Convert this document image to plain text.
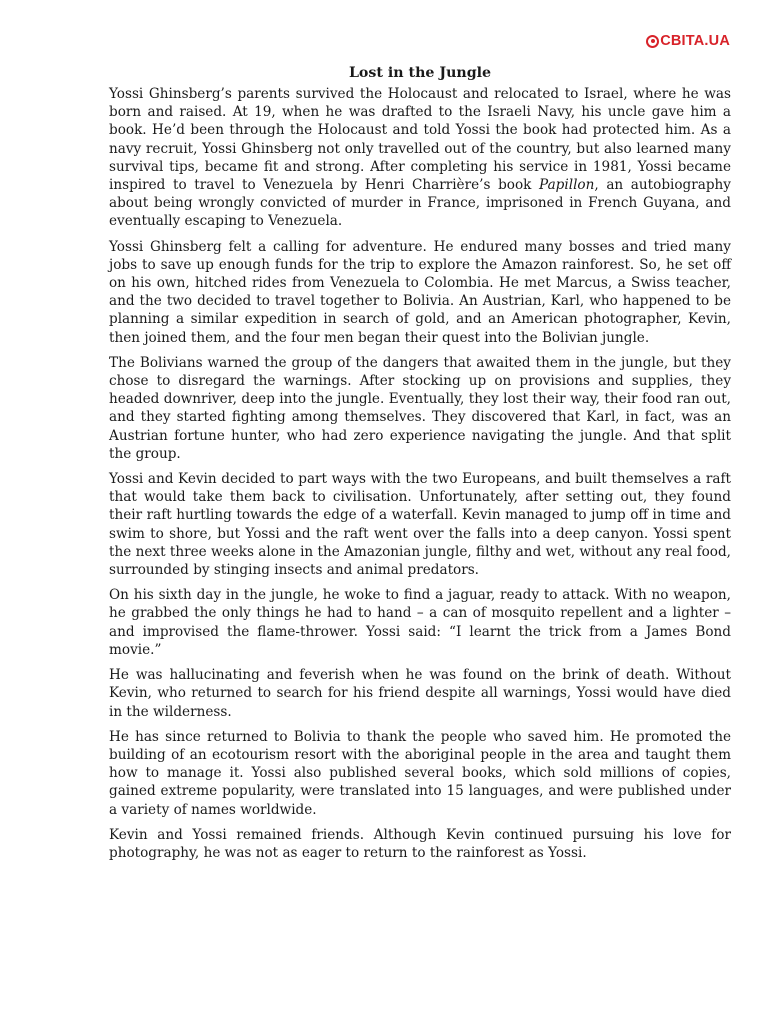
CBITA.UA
Lost in the Jungle

Yossi Ghinsberg’s parents survived the Holocaust and relocated to Israel, where he was born and raised. At 19, when he was drafted to the Israeli Navy, his uncle gave him a book. He’d been through the Holocaust and told Yossi the book had protected him. As a navy recruit, Yossi Ghinsberg not only travelled out of the country, but also learned many survival tips, became fit and strong. After completing his service in 1981, Yossi became inspired to travel to Venezuela by Henri Charrière’s book Papillon, an autobiography about being wrongly convicted of murder in France, imprisoned in French Guyana, and eventually escaping to Venezuela.

Yossi Ghinsberg felt a calling for adventure. He endured many bosses and tried many jobs to save up enough funds for the trip to explore the Amazon rainforest. So, he set off on his own, hitched rides from Venezuela to Colombia. He met Marcus, a Swiss teacher, and the two decided to travel together to Bolivia. An Austrian, Karl, who happened to be planning a similar expedition in search of gold, and an American photographer, Kevin, then joined them, and the four men began their quest into the Bolivian jungle.

The Bolivians warned the group of the dangers that awaited them in the jungle, but they chose to disregard the warnings. After stocking up on provisions and supplies, they headed downriver, deep into the jungle. Eventually, they lost their way, their food ran out, and they started fighting among themselves. They discovered that Karl, in fact, was an Austrian fortune hunter, who had zero experience navigating the jungle. And that split the group.

Yossi and Kevin decided to part ways with the two Europeans, and built themselves a raft that would take them back to civilisation. Unfortunately, after setting out, they found their raft hurtling towards the edge of a waterfall. Kevin managed to jump off in time and swim to shore, but Yossi and the raft went over the falls into a deep canyon. Yossi spent the next three weeks alone in the Amazonian jungle, filthy and wet, without any real food, surrounded by stinging insects and animal predators.

On his sixth day in the jungle, he woke to find a jaguar, ready to attack. With no weapon, he grabbed the only things he had to hand – a can of mosquito repellent and a lighter – and improvised the flame-thrower. Yossi said: “I learnt the trick from a James Bond movie.”

He was hallucinating and feverish when he was found on the brink of death. Without Kevin, who returned to search for his friend despite all warnings, Yossi would have died in the wilderness.

He has since returned to Bolivia to thank the people who saved him. He promoted the building of an ecotourism resort with the aboriginal people in the area and taught them how to manage it. Yossi also published several books, which sold millions of copies, gained extreme popularity, were translated into 15 languages, and were published under a variety of names worldwide.

Kevin and Yossi remained friends. Although Kevin continued pursuing his love for photography, he was not as eager to return to the rainforest as Yossi.
